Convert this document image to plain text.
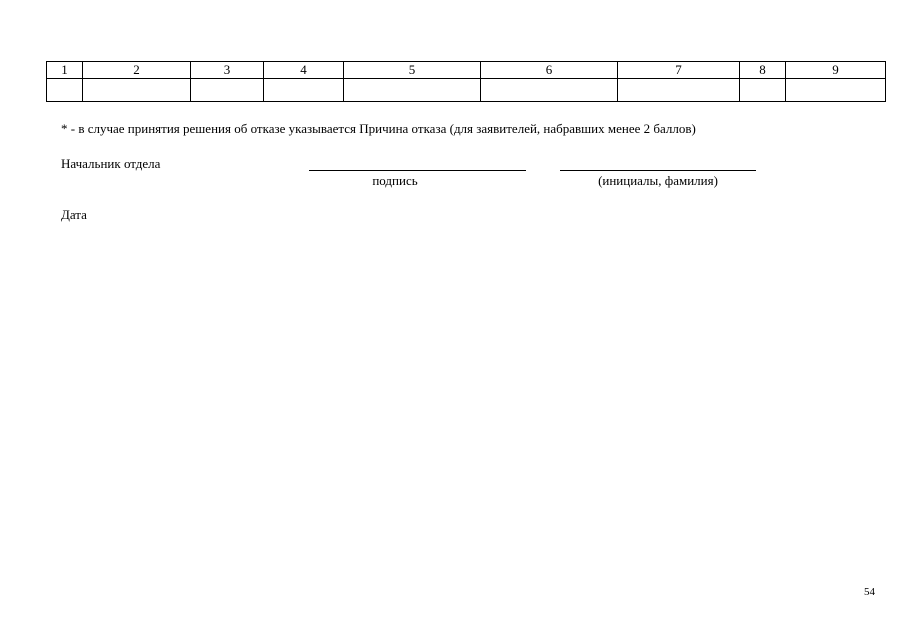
1	2	3	4	5	6	7	8	9

* - в случае принятия решения об отказе указывается Причина отказа (для заявителей, набравших менее 2 баллов)
Начальник отдела
подпись	(инициалы, фамилия)
Дата
54
